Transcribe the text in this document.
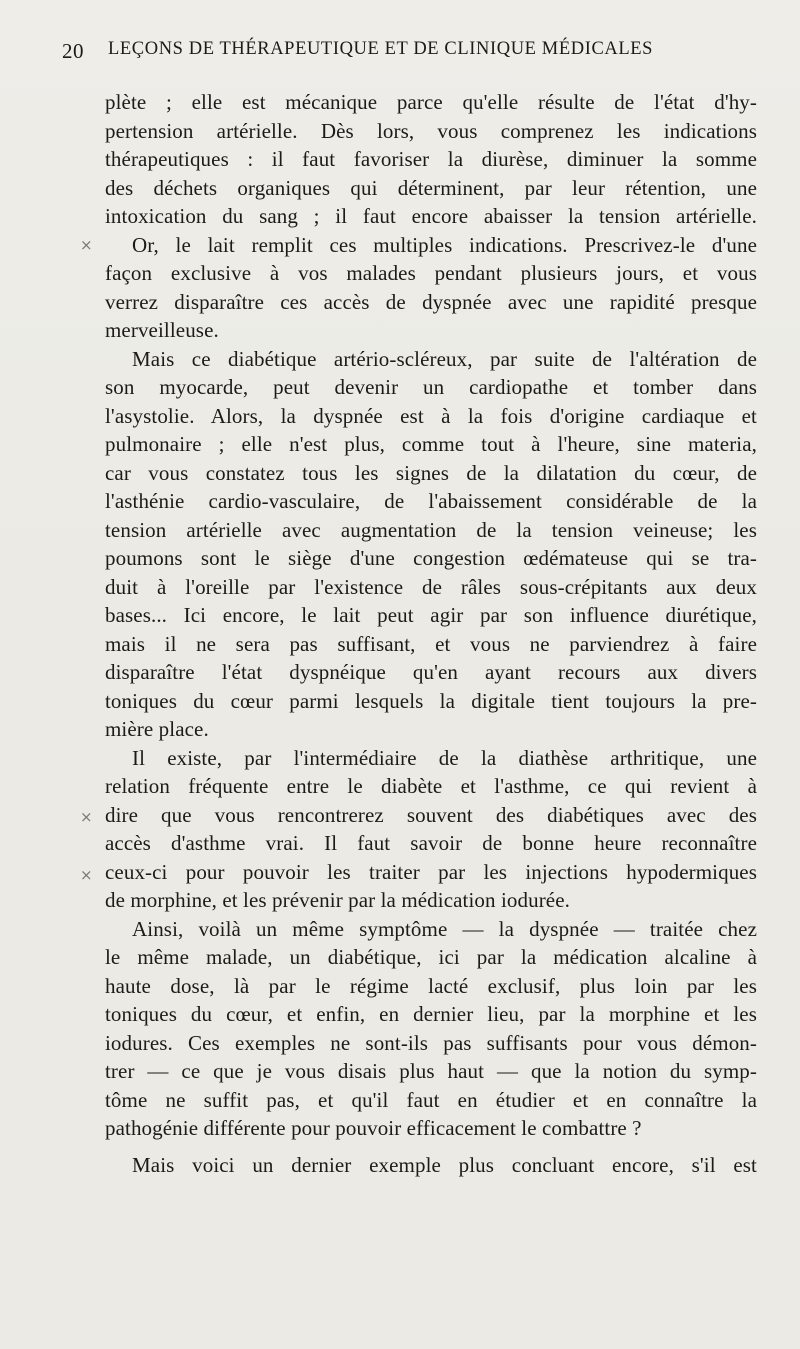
20 LEÇONS DE THÉRAPEUTIQUE ET DE CLINIQUE MÉDICALES
×
×
×
plète ; elle est mécanique parce qu'elle résulte de l'état d'hy-
pertension artérielle. Dès lors, vous comprenez les indications
thérapeutiques : il faut favoriser la diurèse, diminuer la somme
des déchets organiques qui déterminent, par leur rétention, une
intoxication du sang ; il faut encore abaisser la tension artérielle.
Or, le lait remplit ces multiples indications. Prescrivez-le d'une
façon exclusive à vos malades pendant plusieurs jours, et vous
verrez disparaître ces accès de dyspnée avec une rapidité presque
merveilleuse.
Mais ce diabétique artério-scléreux, par suite de l'altération de
son myocarde, peut devenir un cardiopathe et tomber dans
l'asystolie. Alors, la dyspnée est à la fois d'origine cardiaque et
pulmonaire ; elle n'est plus, comme tout à l'heure, sine materia,
car vous constatez tous les signes de la dilatation du cœur, de
l'asthénie cardio-vasculaire, de l'abaissement considérable de la
tension artérielle avec augmentation de la tension veineuse; les
poumons sont le siège d'une congestion œdémateuse qui se tra-
duit à l'oreille par l'existence de râles sous-crépitants aux deux
bases... Ici encore, le lait peut agir par son influence diurétique,
mais il ne sera pas suffisant, et vous ne parviendrez à faire
disparaître l'état dyspnéique qu'en ayant recours aux divers
toniques du cœur parmi lesquels la digitale tient toujours la pre-
mière place.
Il existe, par l'intermédiaire de la diathèse arthritique, une
relation fréquente entre le diabète et l'asthme, ce qui revient à
dire que vous rencontrerez souvent des diabétiques avec des
accès d'asthme vrai. Il faut savoir de bonne heure reconnaître
ceux-ci pour pouvoir les traiter par les injections hypodermiques
de morphine, et les prévenir par la médication iodurée.
Ainsi, voilà un même symptôme — la dyspnée — traitée chez
le même malade, un diabétique, ici par la médication alcaline à
haute dose, là par le régime lacté exclusif, plus loin par les
toniques du cœur, et enfin, en dernier lieu, par la morphine et les
iodures. Ces exemples ne sont-ils pas suffisants pour vous démon-
trer — ce que je vous disais plus haut — que la notion du symp-
tôme ne suffit pas, et qu'il faut en étudier et en connaître la
pathogénie différente pour pouvoir efficacement le combattre ?
Mais voici un dernier exemple plus concluant encore, s'il est
